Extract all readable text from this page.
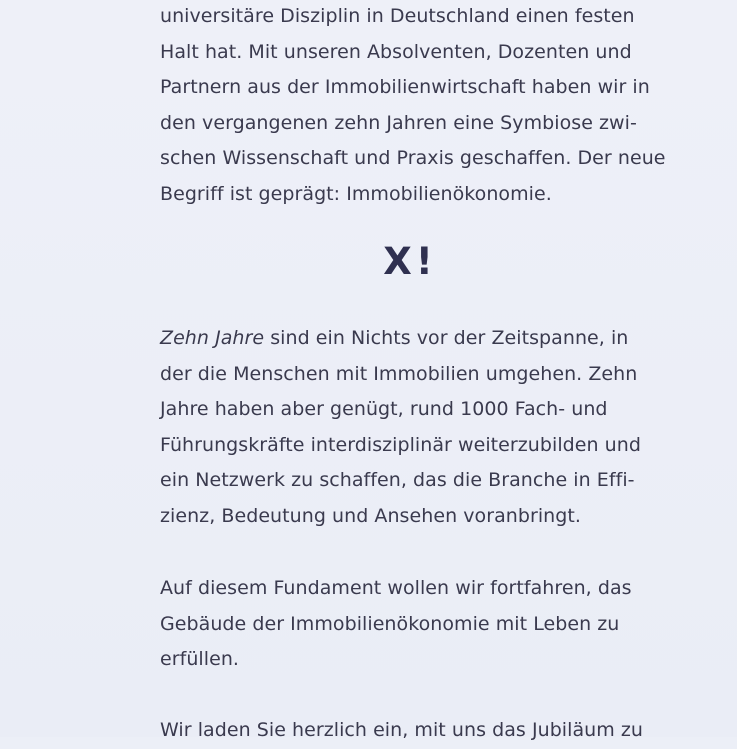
universitäre Disziplin in Deutschland einen festen
Halt hat. Mit unseren Absolventen, Dozenten und
Partnern aus der Immobilienwirtschaft haben wir in
den vergangenen zehn Jahren eine Symbiose zwi-
schen Wissenschaft und Praxis geschaffen. Der neue
Begriff ist geprägt: Immobilienökonomie.
X!
Zehn Jahre sind ein Nichts vor der Zeitspanne, in
der die Menschen mit Immobilien umgehen. Zehn
Jahre haben aber genügt, rund 1000 Fach- und
Führungskräfte interdisziplinär weiterzubilden und
ein Netzwerk zu schaffen, das die Branche in Effi-
zienz, Bedeutung und Ansehen voranbringt.
Auf diesem Fundament wollen wir fortfahren, das
Gebäude der Immobilienökonomie mit Leben zu
erfüllen.
Wir laden Sie herzlich ein, mit uns das Jubiläum zu
